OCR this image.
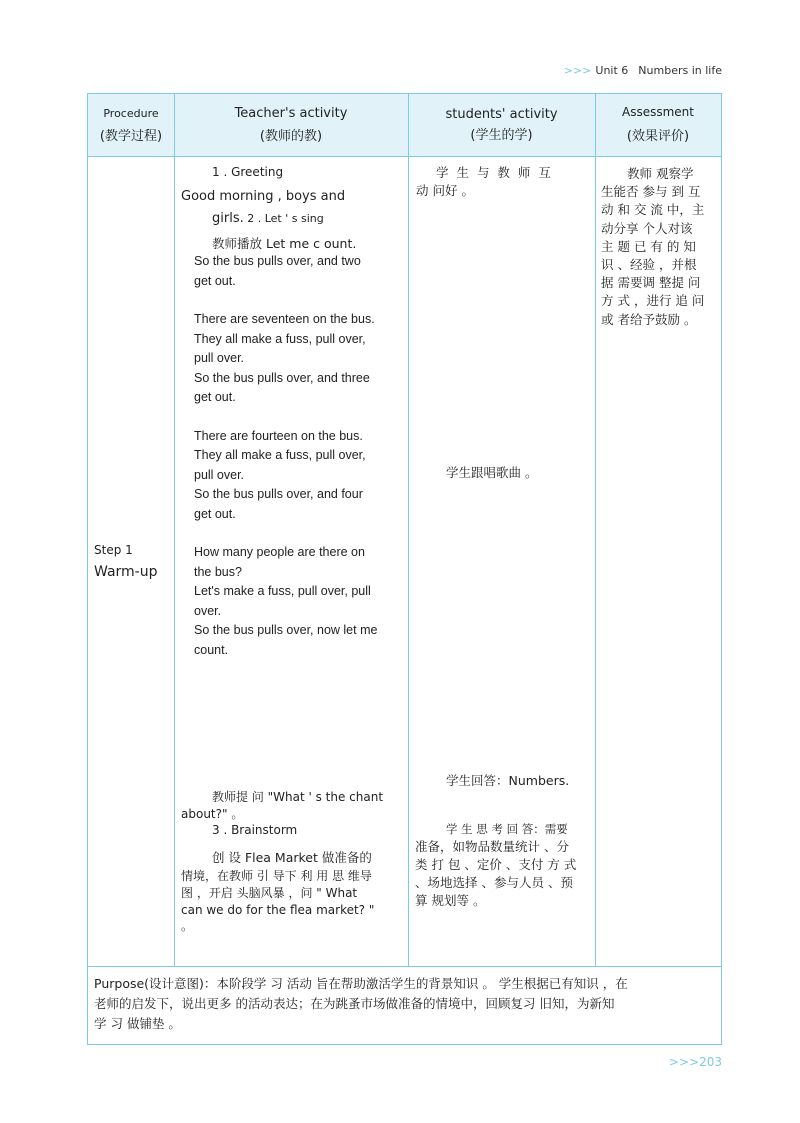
>>> Unit 6 Numbers in life
Procedure
(教学过程)
Teacher's activity
(教师的教)
students' activity
(学生的学)
Assessment
(效果评价)
Step 1
Warm-up
1 . Greeting
Good morning , boys and
girls. 2 . Let ' s sing
教师播放 Let me c ount.
So the bus pulls over, and two
get out.
There are seventeen on the bus.
They all make a fuss, pull over,
pull over.
So the bus pulls over, and three
get out.
There are fourteen on the bus.
They all make a fuss, pull over,
pull over.
So the bus pulls over, and four
get out.
How many people are there on
the bus?
Let's make a fuss, pull over, pull
over.
So the bus pulls over, now let me
count.
教师提 问 "What ' s the chant
about?" 。
3 . Brainstorm
创 设 Flea Market 做准备的
情境，在教师 引 导下 利 用 思 维导
图 ，开启 头脑风暴 ，问 " What
can we do for the flea market? "
。
学 生 与 教 师 互
动 问好 。
学生跟唱歌曲 。
学生回答：Numbers.
学 生 思 考 回 答：需要
准备，如物品数量统计 、分
类 打 包 、定价 、支付 方 式
、场地选择 、参与人员 、预
算 规划等 。
教师 观察学
生能否 参与 到 互
动 和 交 流 中，主
动分享 个人对该
主 题 已 有 的 知
识 、经验 ，并根
据 需要调 整提 问
方 式 ，进行 追 问
或 者给予鼓励 。
Purpose(设计意图)：本阶段学 习 活动 旨在帮助激活学生的背景知识 。 学生根据已有知识 ，在
老师的启发下，说出更多 的活动表达；在为跳蚤市场做准备的情境中，回顾复习 旧知，为新知
学 习 做铺垫 。
>>>203
